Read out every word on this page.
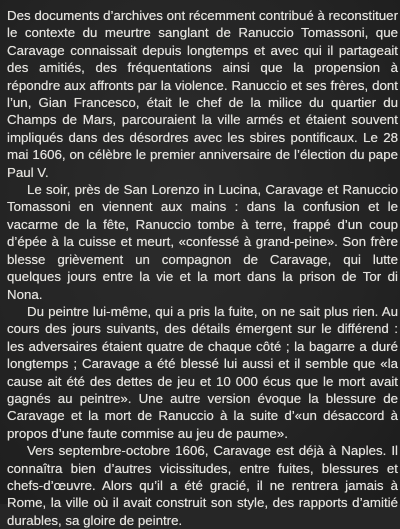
Des documents d’archives ont récemment contribué à reconstituer le contexte du meurtre sanglant de Ranuccio Tomassoni, que Caravage connaissait depuis longtemps et avec qui il partageait des amitiés, des fréquentations ainsi que la propension à répondre aux affronts par la violence. Ranuccio et ses frères, dont l’un, Gian Francesco, était le chef de la milice du quartier du Champs de Mars, parcouraient la ville armés et étaient souvent impliqués dans des désordres avec les sbires pontificaux. Le 28 mai 1606, on célèbre le premier anniversaire de l’élection du pape Paul V.

Le soir, près de San Lorenzo in Lucina, Caravage et Ranuccio Tomassoni en viennent aux mains : dans la confusion et le vacarme de la fête, Ranuccio tombe à terre, frappé d’un coup d’épée à la cuisse et meurt, «confessé à grand-peine». Son frère blesse grièvement un compagnon de Caravage, qui lutte quelques jours entre la vie et la mort dans la prison de Tor di Nona.

Du peintre lui-même, qui a pris la fuite, on ne sait plus rien. Au cours des jours suivants, des détails émergent sur le différend : les adversaires étaient quatre de chaque côté ; la bagarre a duré longtemps ; Caravage a été blessé lui aussi et il semble que «la cause ait été des dettes de jeu et 10 000 écus que le mort avait gagnés au peintre». Une autre version évoque la blessure de Caravage et la mort de Ranuccio à la suite d’«un désaccord à propos d’une faute commise au jeu de paume».

Vers septembre-octobre 1606, Caravage est déjà à Naples. Il connaîtra bien d’autres vicissitudes, entre fuites, blessures et chefs-d’œuvre. Alors qu’il a été gracié, il ne rentrera jamais à Rome, la ville où il avait construit son style, des rapports d’amitié durables, sa gloire de peintre.
